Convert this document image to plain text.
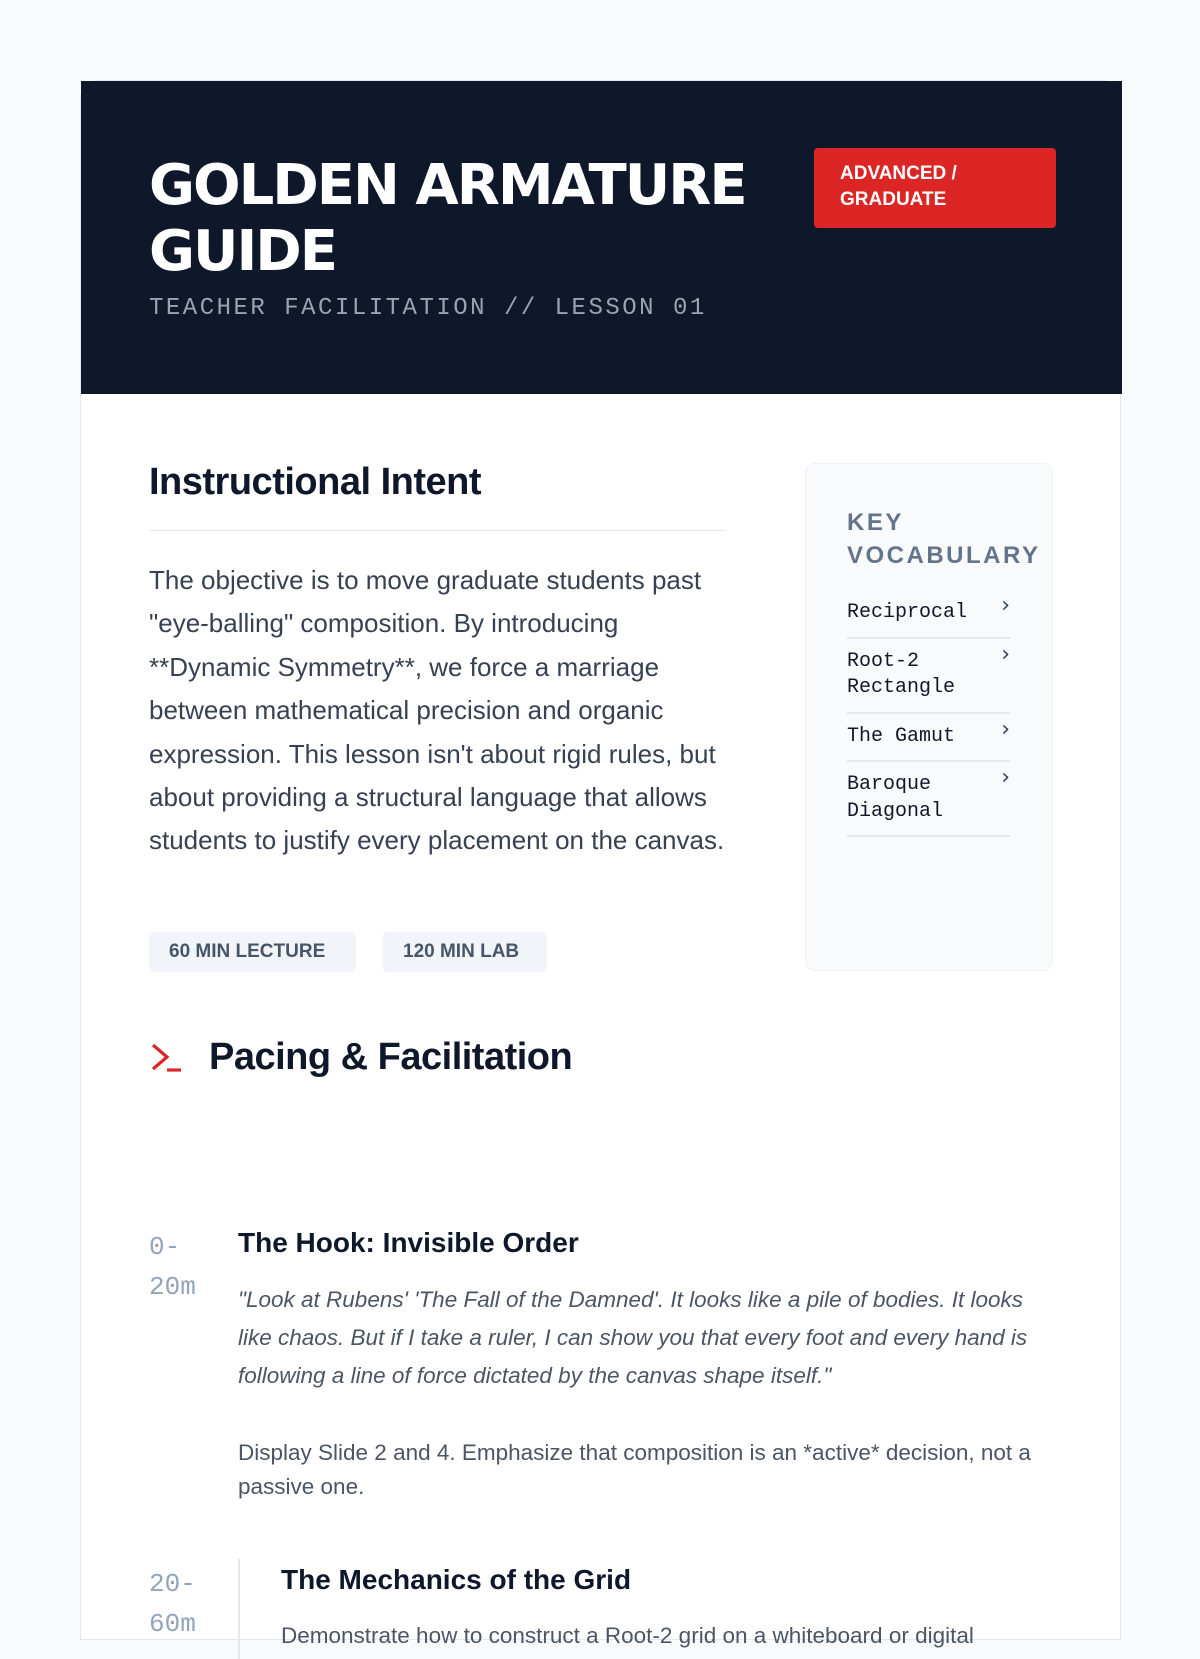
GOLDEN ARMATURE GUIDE
TEACHER FACILITATION // LESSON 01
ADVANCED / GRADUATE
Instructional Intent

The objective is to move graduate students past "eye-balling" composition. By introducing **Dynamic Symmetry**, we force a marriage between mathematical precision and organic expression. This lesson isn't about rigid rules, but about providing a structural language that allows students to justify every placement on the canvas.

60 MIN LECTURE	120 MIN LAB
KEY VOCABULARY
Reciprocal ›
Root-2 Rectangle
›
The Gamut ›
Baroque Diagonal
›
Pacing & Facilitation
0-
20m
The Hook: Invisible Order

"Look at Rubens' 'The Fall of the Damned'. It looks like a pile of bodies. It looks like chaos. But if I take a ruler, I can show you that every foot and every hand is following a line of force dictated by the canvas shape itself."

Display Slide 2 and 4. Emphasize that composition is an *active* decision, not a passive one.

20-
60m
The Mechanics of the Grid

Demonstrate how to construct a Root-2 grid on a whiteboard or digital
